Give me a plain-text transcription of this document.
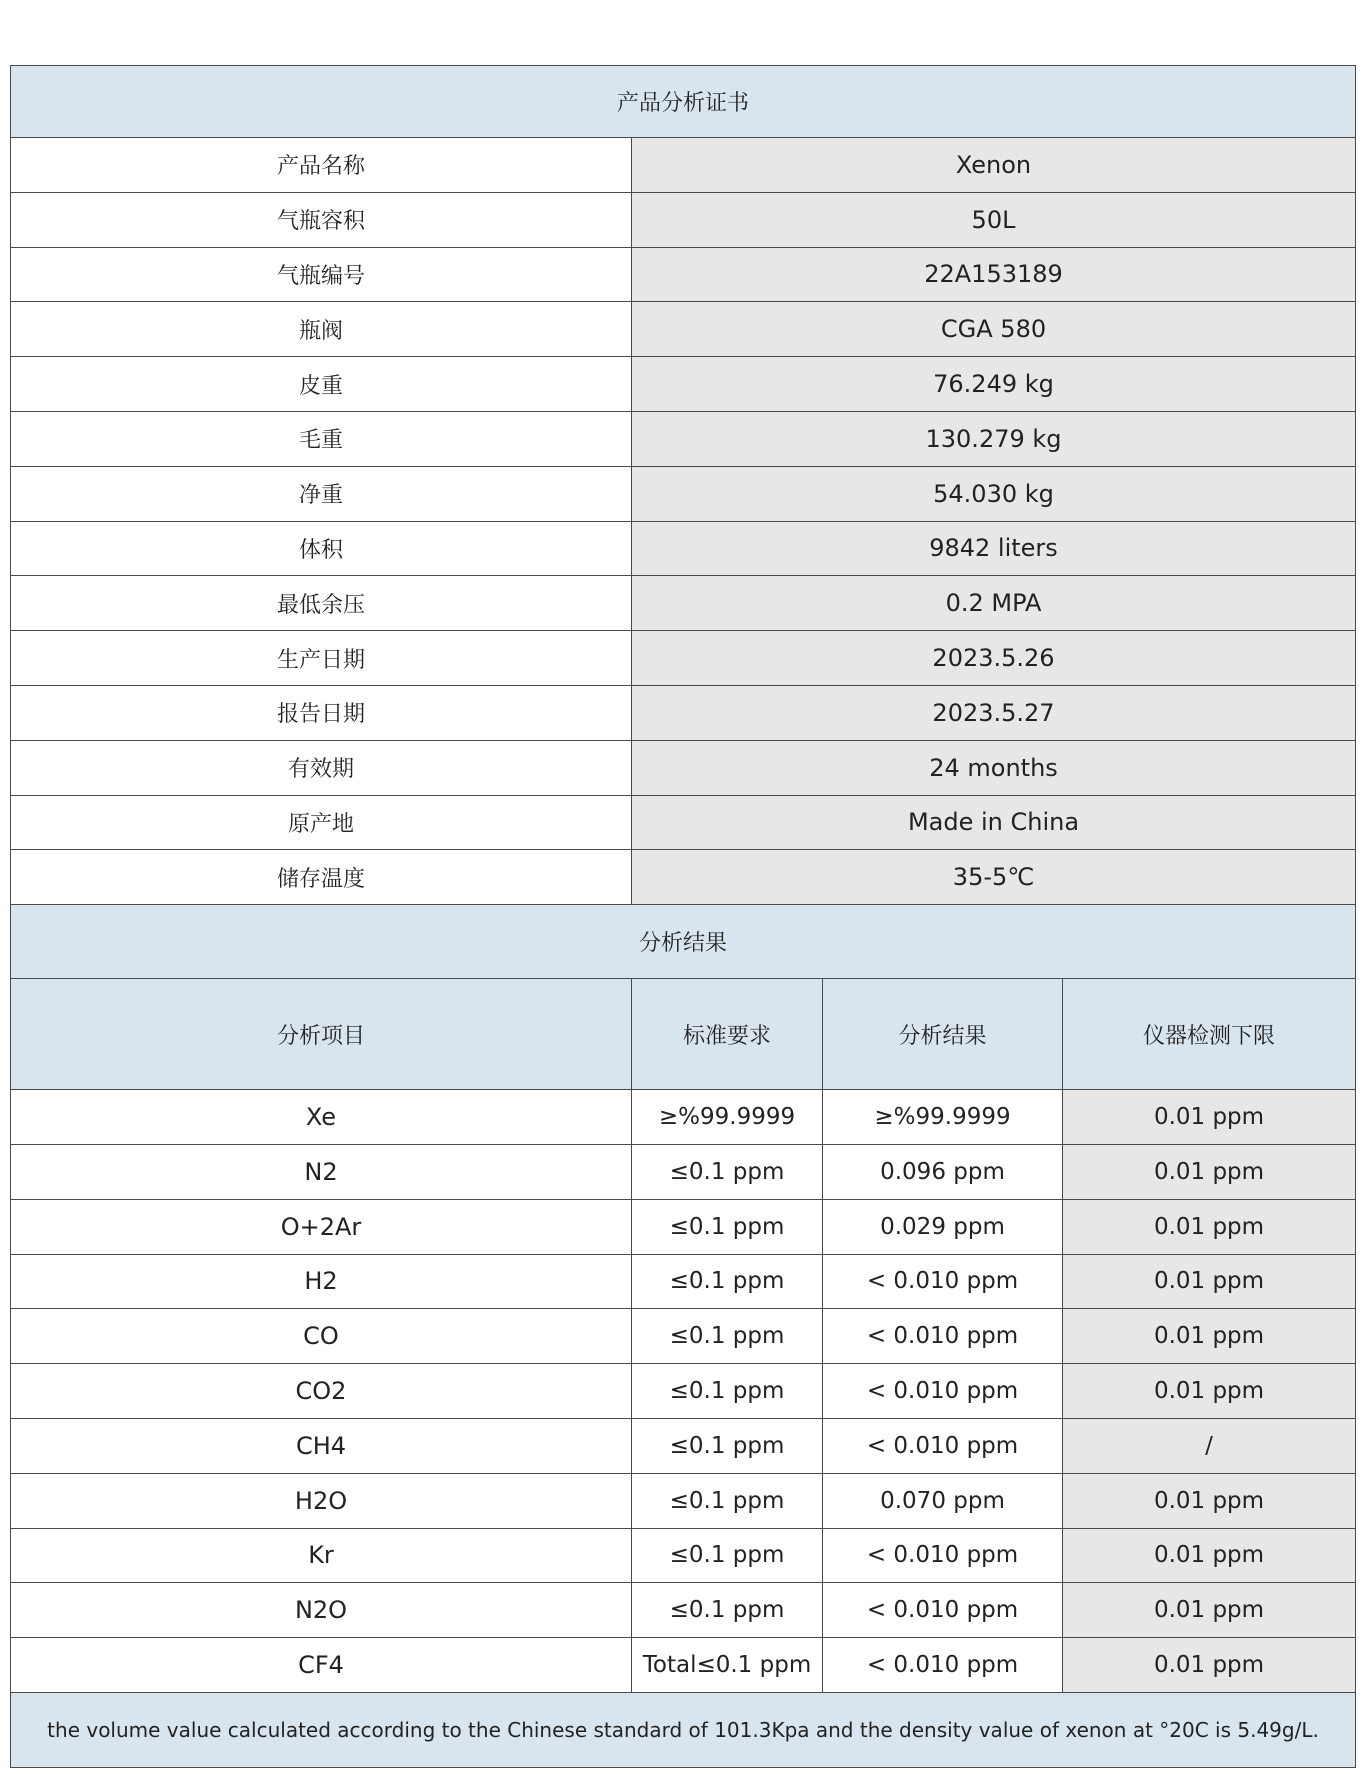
产品分析证书			
产品名称	Xenon		
气瓶容积	50L		
气瓶编号	22A153189		
瓶阀	CGA 580		
皮重	76.249 kg		
毛重	130.279 kg		
净重	54.030 kg		
体积	9842 liters		
最低余压	0.2 MPA		
生产日期	2023.5.26		
报告日期	2023.5.27		
有效期	24 months		
原产地	Made in China		
储存温度	35-5℃		
分析结果			
分析项目	标准要求	分析结果	仪器检测下限
Xe	≥%99.9999	≥%99.9999	0.01 ppm
N2	≤0.1 ppm	0.096 ppm	0.01 ppm
O+2Ar	≤0.1 ppm	0.029 ppm	0.01 ppm
H2	≤0.1 ppm	< 0.010 ppm	0.01 ppm
CO	≤0.1 ppm	< 0.010 ppm	0.01 ppm
CO2	≤0.1 ppm	< 0.010 ppm	0.01 ppm
CH4	≤0.1 ppm	< 0.010 ppm	/
H2O	≤0.1 ppm	0.070 ppm	0.01 ppm
Kr	≤0.1 ppm	< 0.010 ppm	0.01 ppm
N2O	≤0.1 ppm	< 0.010 ppm	0.01 ppm
CF4	Total≤0.1 ppm	< 0.010 ppm	0.01 ppm
the volume value calculated according to the Chinese standard of 101.3Kpa and the density value of xenon at °20C is 5.49g/L.			
